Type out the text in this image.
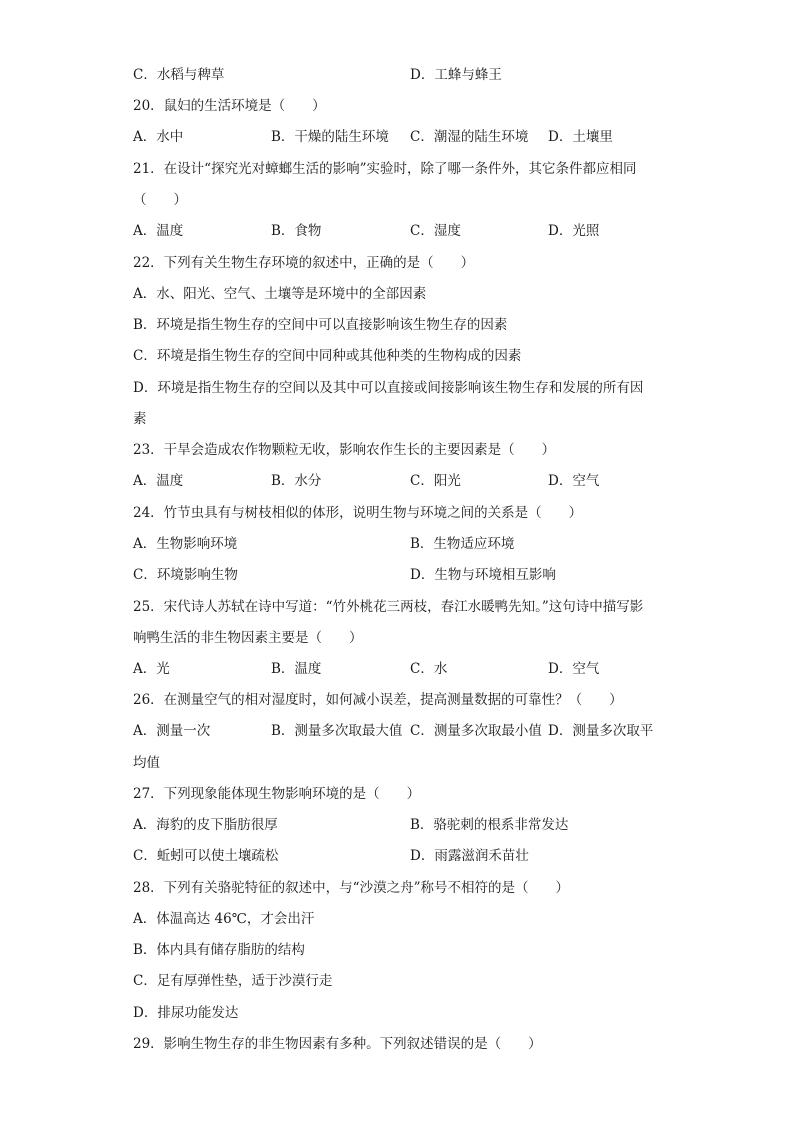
C．水稻与稗草	D．工蜂与蜂王
20．鼠妇的生活环境是（　　）
A．水中	B．干燥的陆生环境 C．潮湿的陆生环境 D．土壤里
21．在设计“探究光对蟑螂生活的影响”实验时，除了哪一条件外，其它条件都应相同
（　　）
A．温度	B．食物	C．湿度	D．光照
22．下列有关生物生存环境的叙述中，正确的是（　　）
A．水、阳光、空气、土壤等是环境中的全部因素
B．环境是指生物生存的空间中可以直接影响该生物生存的因素
C．环境是指生物生存的空间中同种或其他种类的生物构成的因素
D．环境是指生物生存的空间以及其中可以直接或间接影响该生物生存和发展的所有因
素
23．干旱会造成农作物颗粒无收，影响农作生长的主要因素是（　　）
A．温度	B．水分	C．阳光	D．空气
24．竹节虫具有与树枝相似的体形，说明生物与环境之间的关系是（　　）
A．生物影响环境	B．生物适应环境
C．环境影响生物	D．生物与环境相互影响
25．宋代诗人苏轼在诗中写道：“竹外桃花三两枝，春江水暖鸭先知。”这句诗中描写影
响鸭生活的非生物因素主要是（　　）
A．光	B．温度	C．水	D．空气
26．在测量空气的相对湿度时，如何减小误差，提高测量数据的可靠性？（　　）
A．测量一次	B．测量多次取最大值 C．测量多次取最小值 D．测量多次取平
均值
27．下列现象能体现生物影响环境的是（　　）
A．海豹的皮下脂肪很厚	B．骆驼刺的根系非常发达
C．蚯蚓可以使土壤疏松	D．雨露滋润禾苗壮
28．下列有关骆驼特征的叙述中，与“沙漠之舟”称号不相符的是（　　）
A．体温高达 46℃，才会出汗
B．体内具有储存脂肪的结构
C．足有厚弹性垫，适于沙漠行走
D．排尿功能发达
29．影响生物生存的非生物因素有多种。下列叙述错误的是（　　）
